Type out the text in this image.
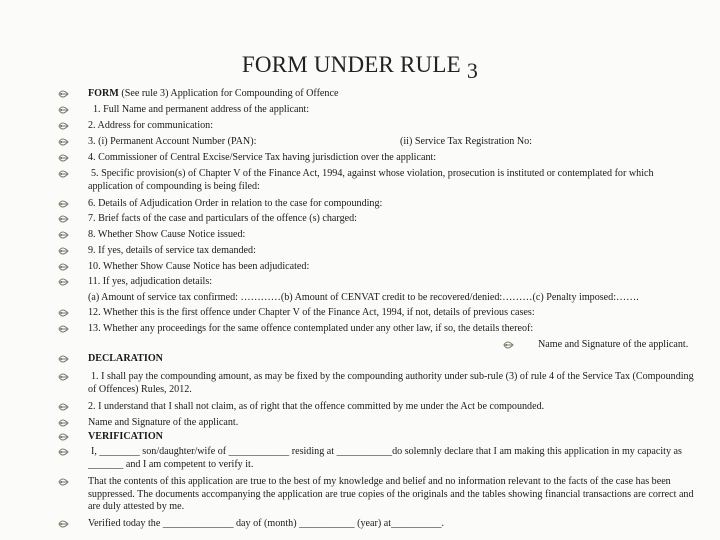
FORM UNDER RULE 3
FORM (See rule 3) Application for Compounding of Offence
1. Full Name and permanent address of the applicant:
2. Address for communication:
3. (i) Permanent Account Number (PAN):	(ii) Service Tax Registration No:
4. Commissioner of Central Excise/Service Tax having jurisdiction over the applicant:
5. Specific provision(s) of Chapter V of the Finance Act, 1994, against whose violation, prosecution is instituted or contemplated for which application of compounding is being filed:
6. Details of Adjudication Order in relation to the case for compounding:
7. Brief facts of the case and particulars of the offence (s) charged:
8. Whether Show Cause Notice issued:
9. If yes, details of service tax demanded:
10. Whether Show Cause Notice has been adjudicated:
11. If yes, adjudication details:
(a) Amount of service tax confirmed: …………(b) Amount of CENVAT credit to be recovered/denied:………(c) Penalty imposed:…….
12. Whether this is the first offence under Chapter V of the Finance Act, 1994, if not, details of previous cases:
13. Whether any proceedings for the same offence contemplated under any other law, if so, the details thereof:
Name and Signature of the applicant.
DECLARATION
1. I shall pay the compounding amount, as may be fixed by the compounding authority under sub-rule (3) of rule 4 of the Service Tax (Compounding of Offences) Rules, 2012.
2. I understand that I shall not claim, as of right that the offence committed by me under the Act be compounded.
Name and Signature of the applicant.
VERIFICATION
I, ________ son/daughter/wife of ____________ residing at ___________do solemnly declare that I am making this application in my capacity as _______ and I am competent to verify it.
That the contents of this application are true to the best of my knowledge and belief and no information relevant to the facts of the case has been suppressed. The documents accompanying the application are true copies of the originals and the tables showing financial transactions are correct and are duly attested by me.
Verified today the ______________ day of (month) ___________ (year) at__________.
